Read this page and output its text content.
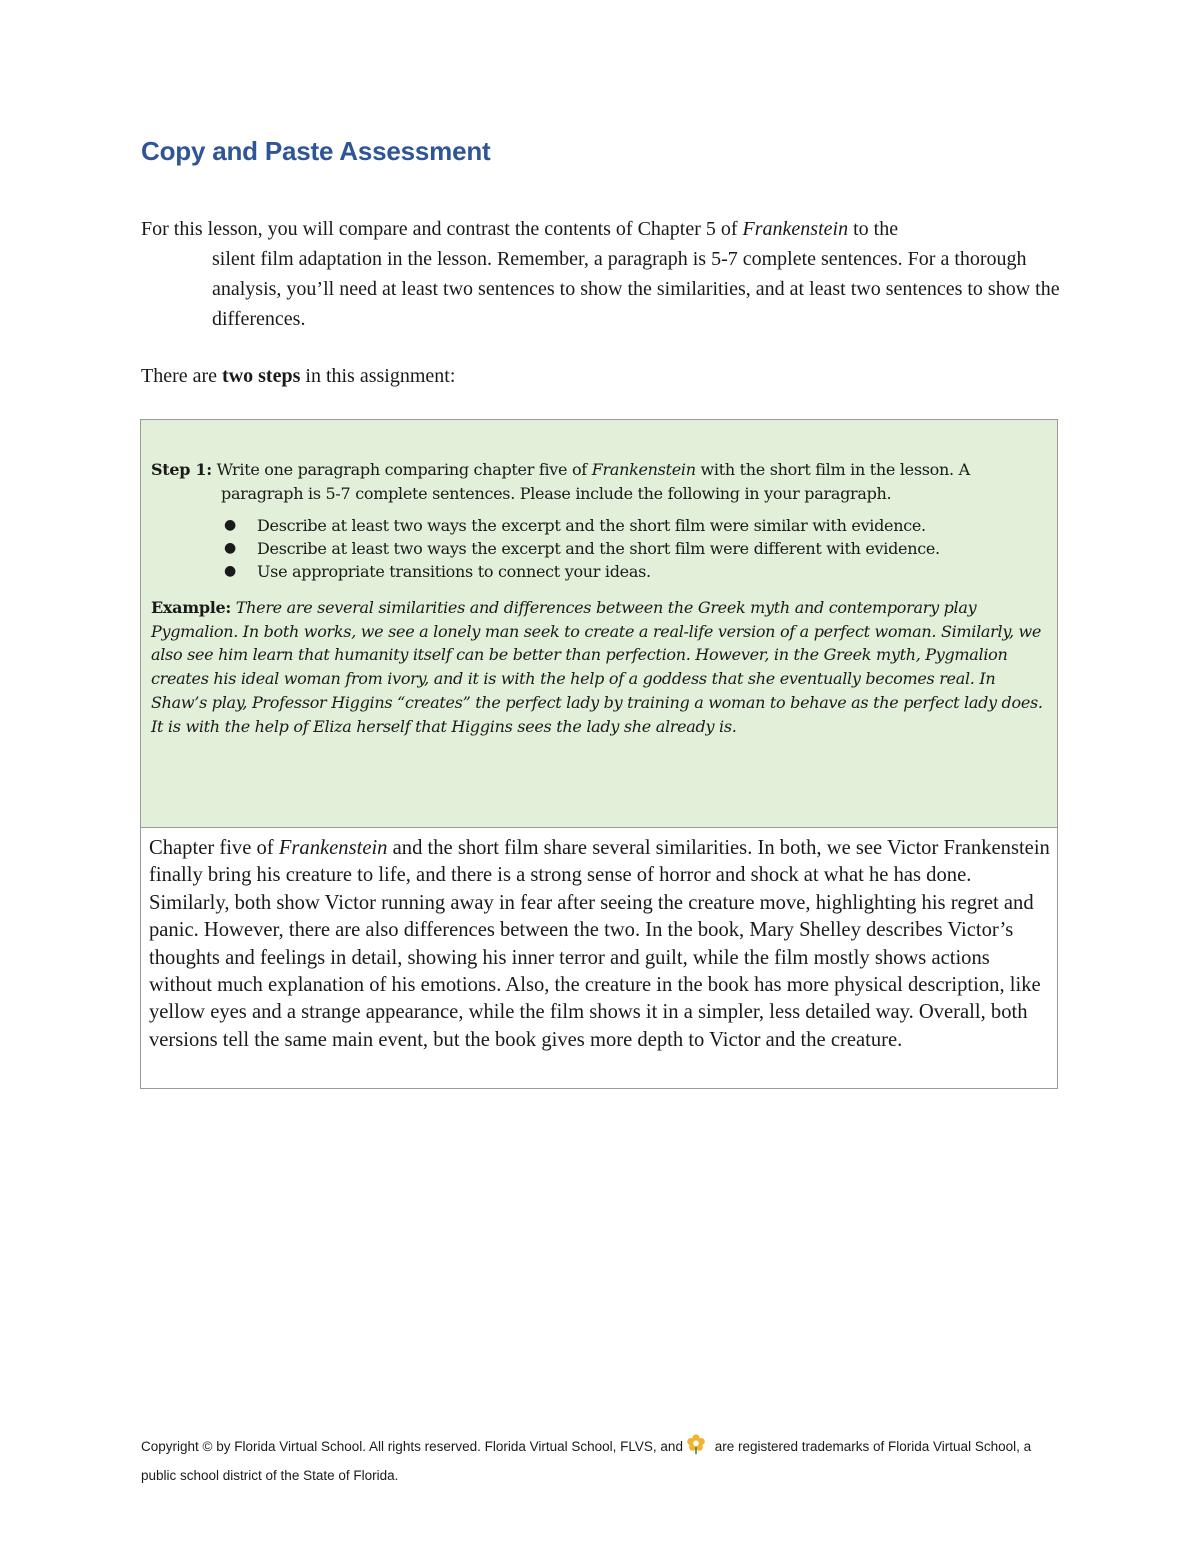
Copy and Paste Assessment
For this lesson, you will compare and contrast the contents of Chapter 5 of Frankenstein to the
silent film adaptation in the lesson. Remember, a paragraph is 5-7 complete sentences. For a thorough analysis, you’ll need at least two sentences to show the similarities, and at least two sentences to show the differences.
There are two steps in this assignment:
Step 1: Write one paragraph comparing chapter five of Frankenstein with the short film in the lesson. A paragraph is 5-7 complete sentences. Please include the following in your paragraph.
● Describe at least two ways the excerpt and the short film were similar with evidence.
● Describe at least two ways the excerpt and the short film were different with evidence.
● Use appropriate transitions to connect your ideas.
Example: There are several similarities and differences between the Greek myth and contemporary play Pygmalion. In both works, we see a lonely man seek to create a real-life version of a perfect woman. Similarly, we also see him learn that humanity itself can be better than perfection. However, in the Greek myth, Pygmalion creates his ideal woman from ivory, and it is with the help of a goddess that she eventually becomes real. In Shaw’s play, Professor Higgins “creates” the perfect lady by training a woman to behave as the perfect lady does. It is with the help of Eliza herself that Higgins sees the lady she already is.
Chapter five of Frankenstein and the short film share several similarities. In both, we see Victor Frankenstein finally bring his creature to life, and there is a strong sense of horror and shock at what he has done. Similarly, both show Victor running away in fear after seeing the creature move, highlighting his regret and panic. However, there are also differences between the two. In the book, Mary Shelley describes Victor’s thoughts and feelings in detail, showing his inner terror and guilt, while the film mostly shows actions without much explanation of his emotions. Also, the creature in the book has more physical description, like yellow eyes and a strange appearance, while the film shows it in a simpler, less detailed way. Overall, both versions tell the same main event, but the book gives more depth to Victor and the creature.
Copyright © by Florida Virtual School. All rights reserved. Florida Virtual School, FLVS, and are registered trademarks of Florida Virtual School, a public school district of the State of Florida.
